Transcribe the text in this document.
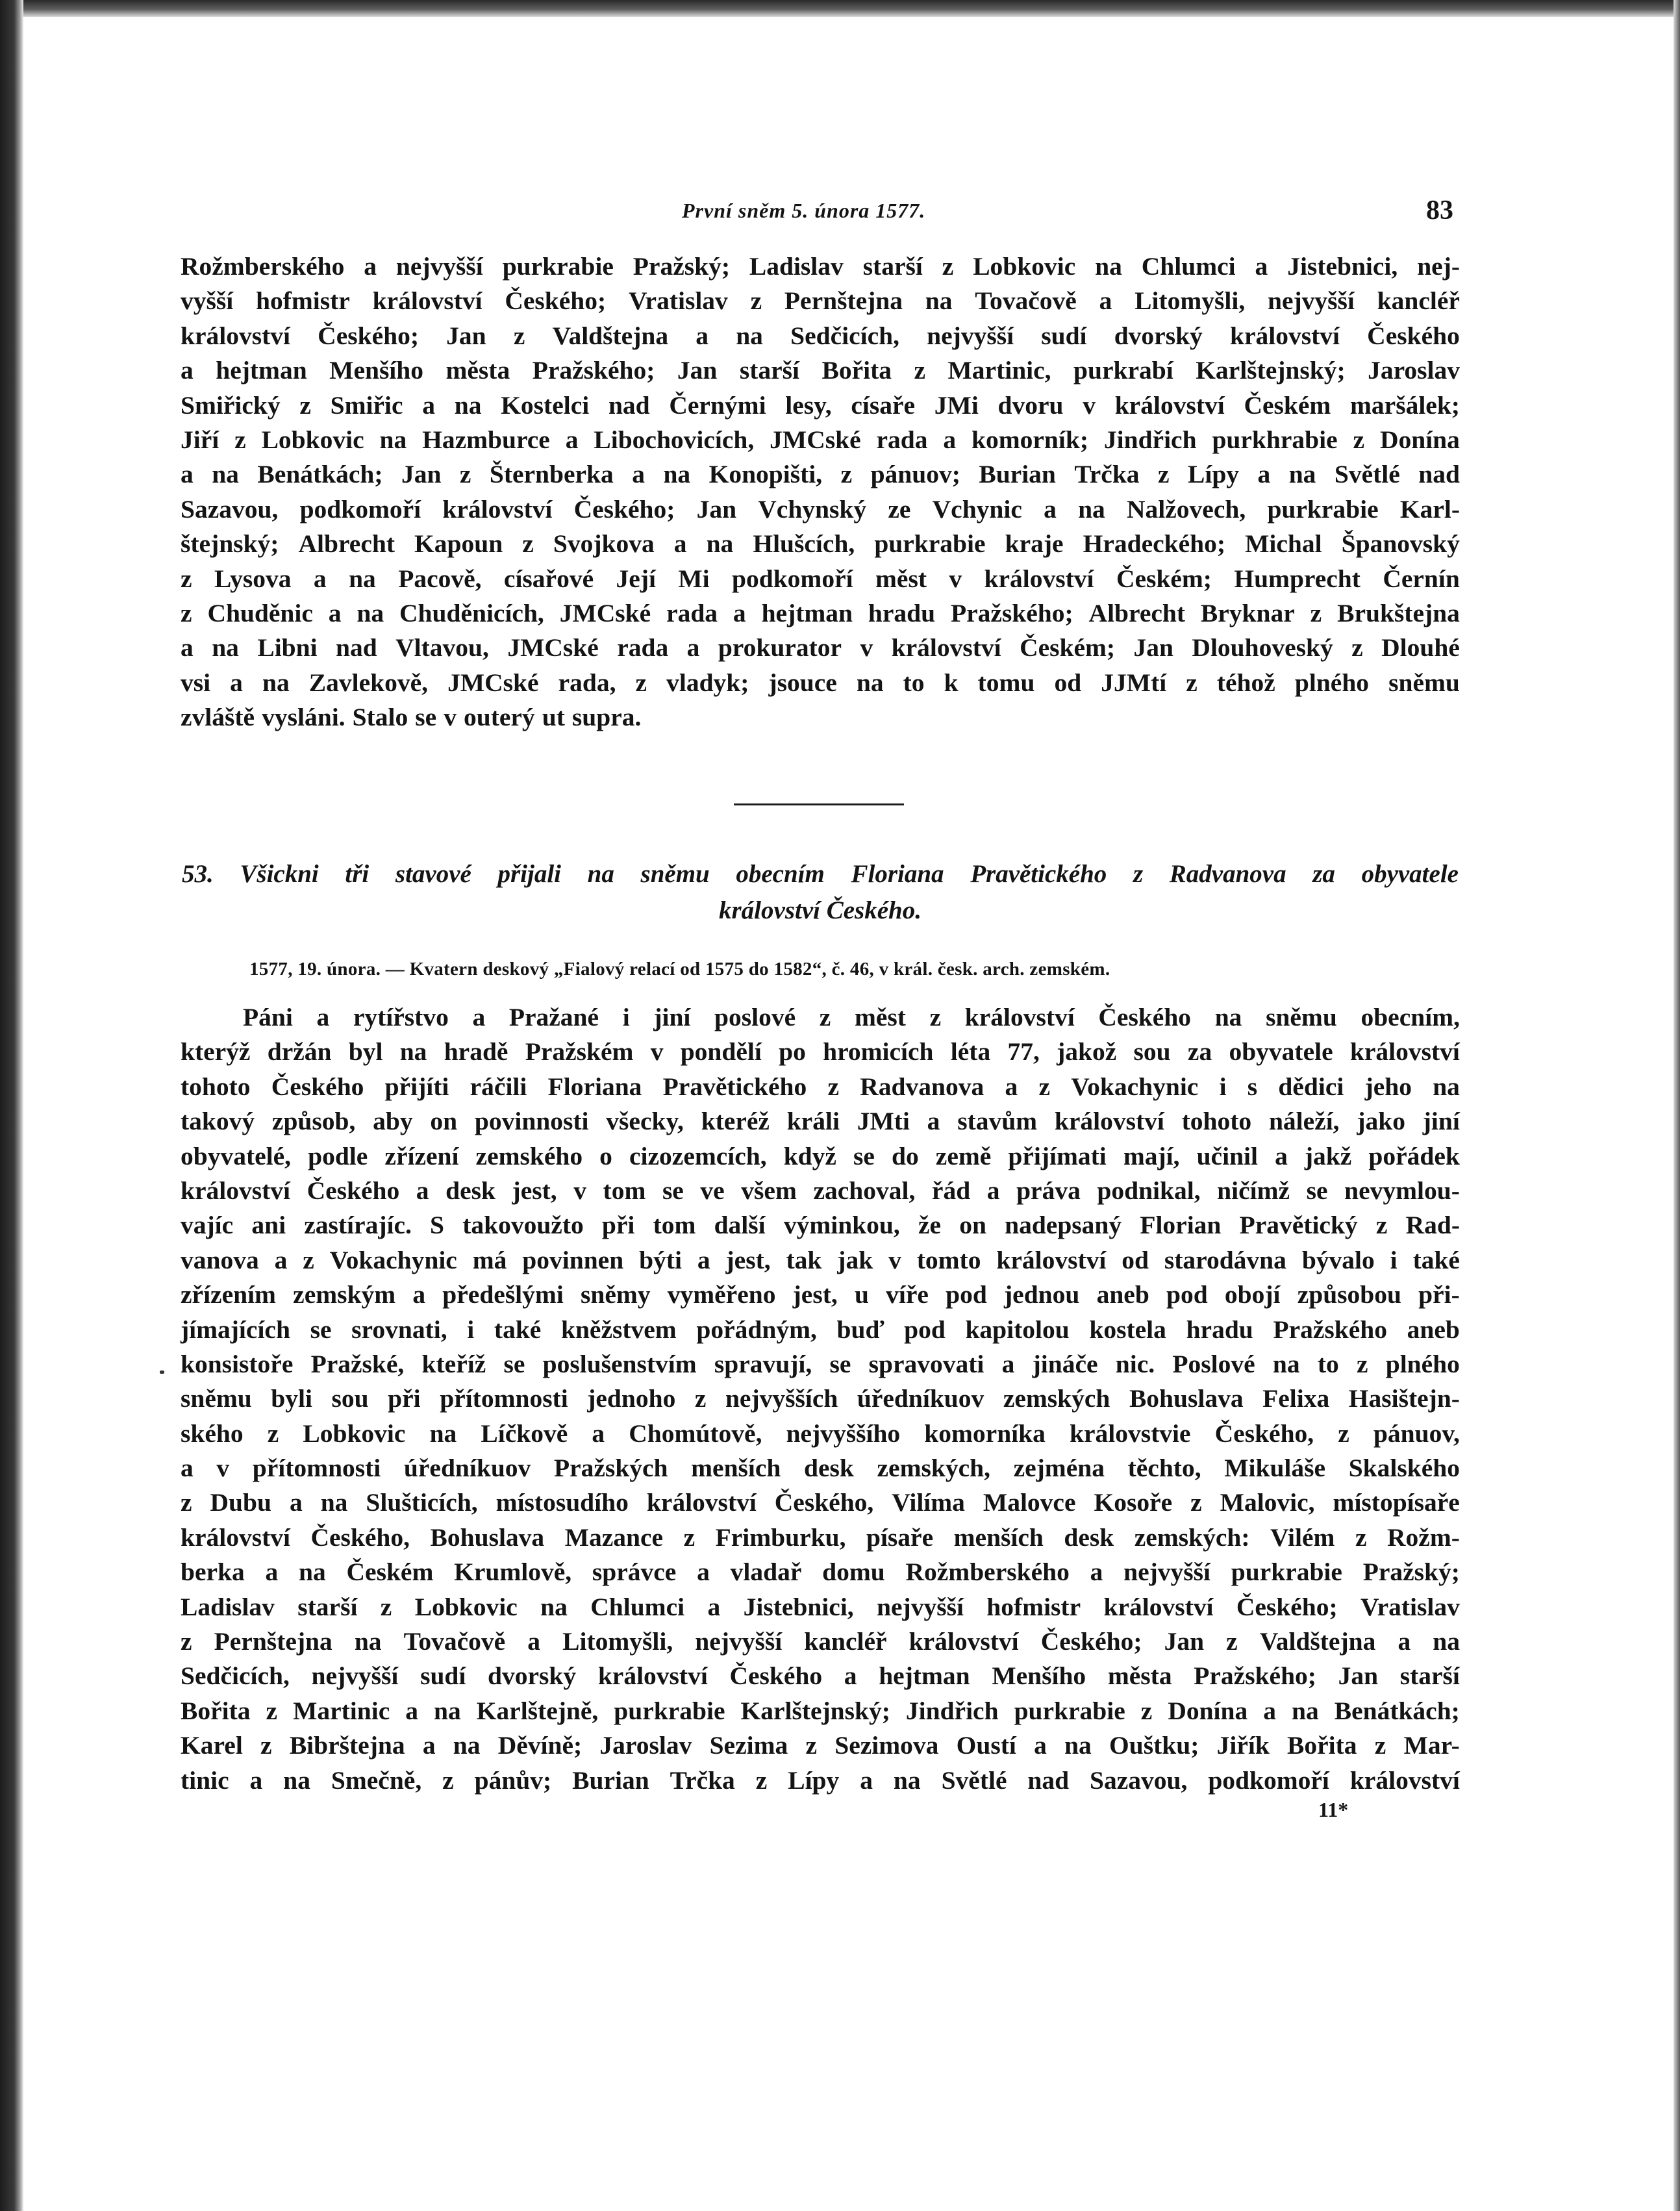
První sněm 5. února 1577.	83
Rožmberského a nejvyšší purkrabie Pražský; Ladislav starší z Lobkovic na Chlumci a Jistebnici, nej-
vyšší hofmistr království Českého; Vratislav z Pernštejna na Tovačově a Litomyšli, nejvyšší kancléř
království Českého; Jan z Valdštejna a na Sedčicích, nejvyšší sudí dvorský království Českého
a hejtman Menšího města Pražského; Jan starší Bořita z Martinic, purkrabí Karlštejnský; Jaroslav
Smiřický z Smiřic a na Kostelci nad Černými lesy, císaře JMi dvoru v království Českém maršálek;
Jiří z Lobkovic na Hazmburce a Libochovicích, JMCské rada a komorník; Jindřich purkhrabie z Donína
a na Benátkách; Jan z Šternberka a na Konopišti, z pánuov; Burian Trčka z Lípy a na Světlé nad
Sazavou, podkomoří království Českého; Jan Vchynský ze Vchynic a na Nalžovech, purkrabie Karl-
štejnský; Albrecht Kapoun z Svojkova a na Hlušcích, purkrabie kraje Hradeckého; Michal Španovský
z Lysova a na Pacově, císařové Její Mi podkomoří měst v království Českém; Humprecht Černín
z Chuděnic a na Chuděnicích, JMCské rada a hejtman hradu Pražského; Albrecht Bryknar z Brukštejna
a na Libni nad Vltavou, JMCské rada a prokurator v království Českém; Jan Dlouhoveský z Dlouhé
vsi a na Zavlekově, JMCské rada, z vladyk; jsouce na to k tomu od JJMtí z téhož plného sněmu
zvláště vysláni. Stalo se v outerý ut supra.
53. Všickni tři stavové přijali na sněmu obecním Floriana Pravětického z Radvanova za obyvatele
království Českého.
1577, 19. února. — Kvatern deskový „Fialový relací od 1575 do 1582“, č. 46, v král. česk. arch. zemském.
Páni a rytířstvo a Pražané i jiní poslové z měst z království Českého na sněmu obecním,
kterýž držán byl na hradě Pražském v pondělí po hromicích léta 77, jakož sou za obyvatele království
tohoto Českého přijíti ráčili Floriana Pravětického z Radvanova a z Vokachynic i s dědici jeho na
takový způsob, aby on povinnosti všecky, kteréž králi JMti a stavům království tohoto náleží, jako jiní
obyvatelé, podle zřízení zemského o cizozemcích, když se do země přijímati mají, učinil a jakž pořádek
království Českého a desk jest, v tom se ve všem zachoval, řád a práva podnikal, ničímž se nevymlou-
vajíc ani zastírajíc. S takovoužto při tom další výminkou, že on nadepsaný Florian Pravětický z Rad-
vanova a z Vokachynic má povinnen býti a jest, tak jak v tomto království od starodávna bývalo i také
zřízením zemským a předešlými sněmy vyměřeno jest, u víře pod jednou aneb pod obojí způsobou při-
jímajících se srovnati, i také kněžstvem pořádným, buď pod kapitolou kostela hradu Pražského aneb
konsistoře Pražské, kteříž se poslušenstvím spravují, se spravovati a jináče nic. Poslové na to z plného
sněmu byli sou při přítomnosti jednoho z nejvyšších úředníkuov zemských Bohuslava Felixa Hasištejn-
ského z Lobkovic na Líčkově a Chomútově, nejvyššího komorníka královstvie Českého, z pánuov,
a v přítomnosti úředníkuov Pražských menších desk zemských, zejména těchto, Mikuláše Skalského
z Dubu a na Slušticích, místosudího království Českého, Vilíma Malovce Kosoře z Malovic, místopísaře
království Českého, Bohuslava Mazance z Frimburku, písaře menších desk zemských: Vilém z Rožm-
berka a na Českém Krumlově, správce a vladař domu Rožmberského a nejvyšší purkrabie Pražský;
Ladislav starší z Lobkovic na Chlumci a Jistebnici, nejvyšší hofmistr království Českého; Vratislav
z Pernštejna na Tovačově a Litomyšli, nejvyšší kancléř království Českého; Jan z Valdštejna a na
Sedčicích, nejvyšší sudí dvorský království Českého a hejtman Menšího města Pražského; Jan starší
Bořita z Martinic a na Karlštejně, purkrabie Karlštejnský; Jindřich purkrabie z Donína a na Benátkách;
Karel z Bibrštejna a na Děvíně; Jaroslav Sezima z Sezimova Oustí a na Ouštku; Jiřík Bořita z Mar-
tinic a na Smečně, z pánův; Burian Trčka z Lípy a na Světlé nad Sazavou, podkomoří království
11*
